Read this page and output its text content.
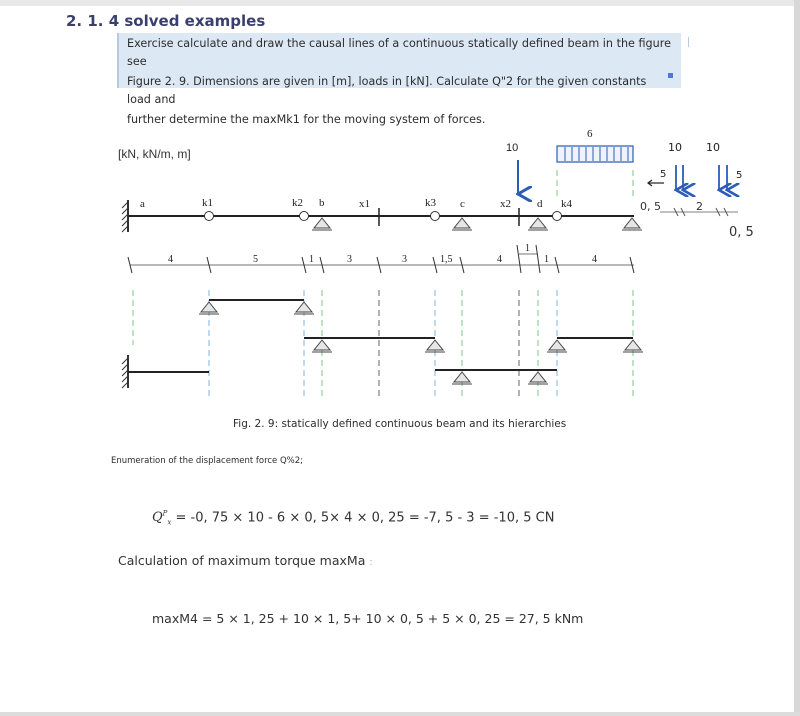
2. 1. 4 solved examples

Exercise calculate and draw the causal lines of a continuous statically defined beam in the figure see

Figure 2. 9. Dimensions are given in [m], loads in [kN]. Calculate Q"2 for the given constants load and

further determine the maxMk1 for the moving system of forces.

[kN, kN/m, m]
a	k1	k2 b	x1	k3 c	x2 d k4
10
6
10 10
5	5
0, 5	2
0, 5
4	5	1	3	3	1,5	4
1
1	4
Fig. 2. 9: statically defined continuous beam and its hierarchies
Enumeration of the displacement force Q%2;
$Q^P_x = -0$, 75 × 10 - 6 × 0, 5× 4 × 0, 25 = -7, 5 - 3 = -10, 5 CN
Calculation of maximum torque maxMa :
maxM4 = 5 × 1, 25 + 10 × 1, 5+ 10 × 0, 5 + 5 × 0, 25 = 27, 5 kNm
